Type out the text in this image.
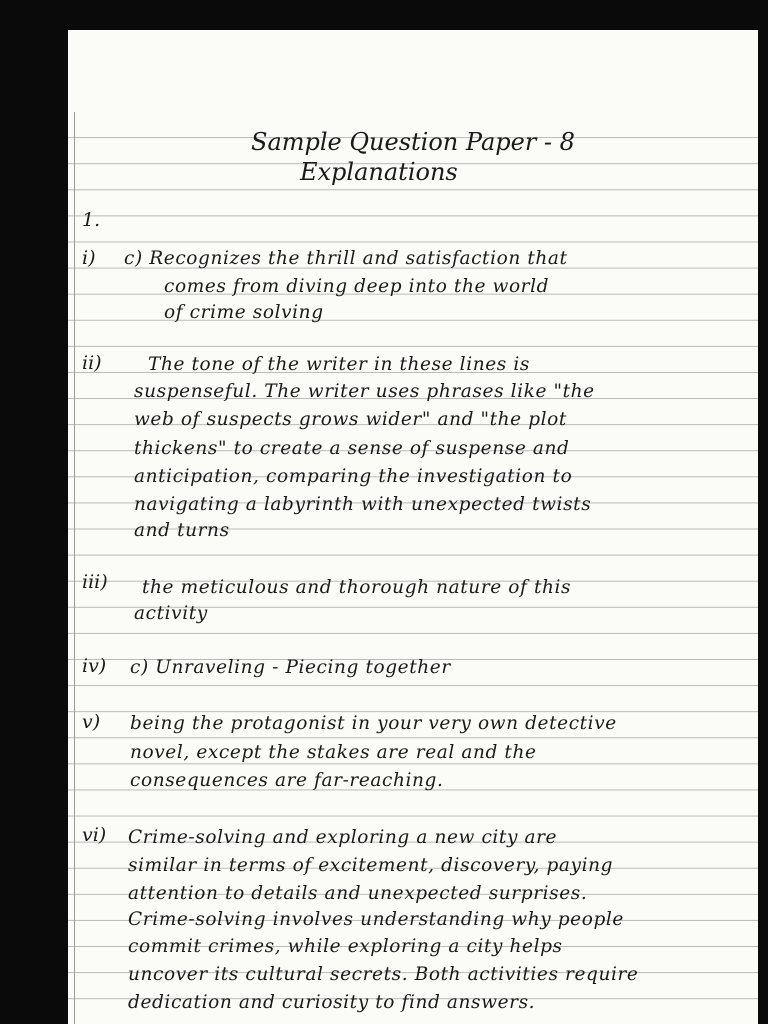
Sample Question Paper - 8
Explanations
1.
i) c) Recognizes the thrill and satisfaction that
comes from diving deep into the world
of crime solving
ii)	The tone of the writer in these lines is
suspenseful. The writer uses phrases like "the
web of suspects grows wider" and "the plot
thickens" to create a sense of suspense and
anticipation, comparing the investigation to
navigating a labyrinth with unexpected twists
and turns
iii) the meticulous and thorough nature of this
activity
iv) c) Unraveling - Piecing together
v) being the protagonist in your very own detective
novel, except the stakes are real and the
consequences are far-reaching.
vi) Crime-solving and exploring a new city are
similar in terms of excitement, discovery, paying
attention to details and unexpected surprises.
Crime-solving involves understanding why people
commit crimes, while exploring a city helps
uncover its cultural secrets. Both activities require
dedication and curiosity to find answers.
